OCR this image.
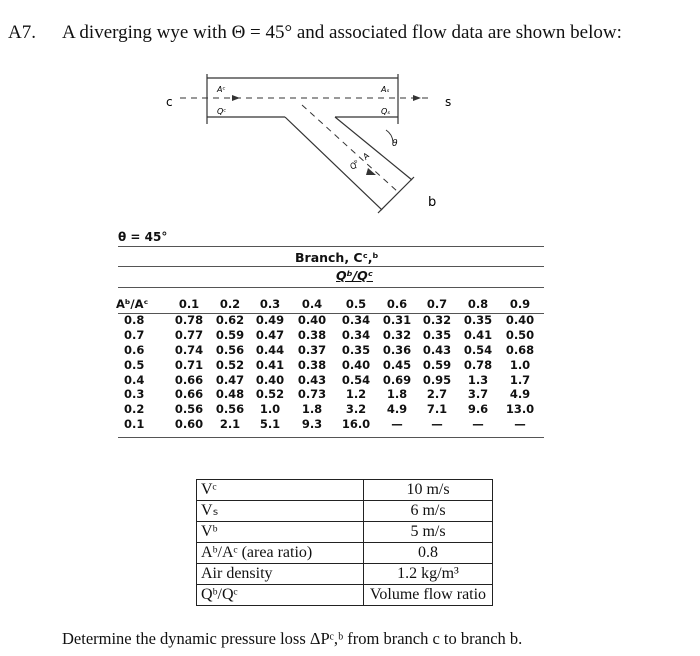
A7. A diverging wye with Θ = 45° and associated flow data are shown below:
c	s
b
Aᶜ
Qᶜ
Aₛ
Qₛ
Qᵇ
A
θ
θ = 45°
Branch, Cᶜ,ᵇ
Qᵇ/Qᶜ
Aᵇ/Aᶜ	0.1	0.2	0.3	0.4	0.5	0.6	0.7	0.8	0.9
0.8	0.78	0.62	0.49	0.40	0.34	0.31	0.32	0.35	0.40
0.7	0.77	0.59	0.47	0.38	0.34	0.32	0.35	0.41	0.50
0.6	0.74	0.56	0.44	0.37	0.35	0.36	0.43	0.54	0.68
0.5	0.71	0.52	0.41	0.38	0.40	0.45	0.59	0.78	1.0
0.4	0.66	0.47	0.40	0.43	0.54	0.69	0.95	1.3	1.7
0.3	0.66	0.48	0.52	0.73	1.2	1.8	2.7	3.7	4.9
0.2	0.56	0.56	1.0	1.8	3.2	4.9	7.1	9.6	13.0
0.1	0.60	2.1	5.1	9.3	16.0	—	—	—	—
Vᶜ	10 m/s
Vₛ	6 m/s
Vᵇ	5 m/s
Aᵇ/Aᶜ (area ratio)	0.8
Air density	1.2 kg/m³
Qᵇ/Qᶜ	Volume flow ratio
Determine the dynamic pressure loss ΔPᶜ,ᵇ from branch c to branch b.
